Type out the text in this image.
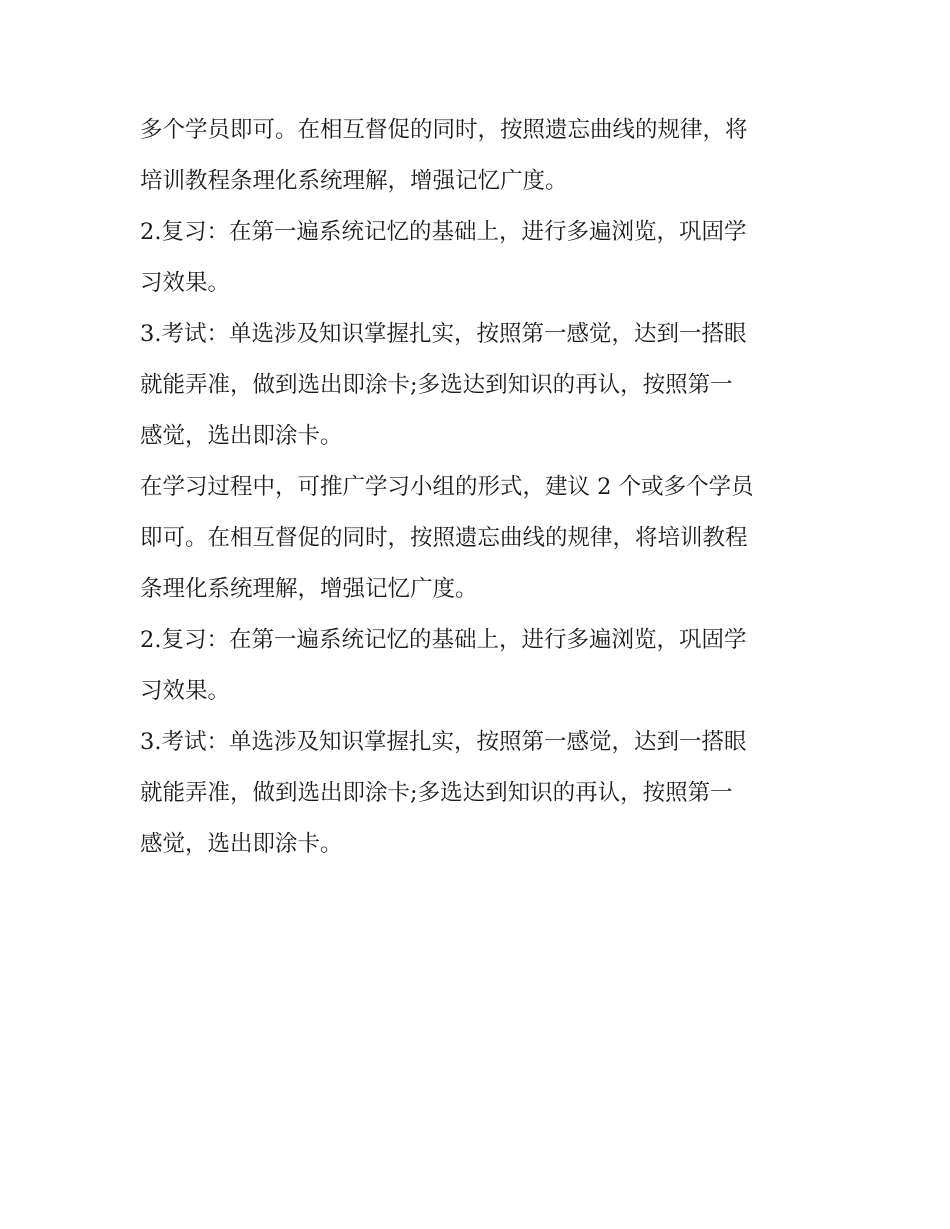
多个学员即可。在相互督促的同时，按照遗忘曲线的规律，将
培训教程条理化系统理解，增强记忆广度。
2.复习：在第一遍系统记忆的基础上，进行多遍浏览，巩固学
习效果。
3.考试：单选涉及知识掌握扎实，按照第一感觉，达到一搭眼
就能弄准，做到选出即涂卡;多选达到知识的再认，按照第一
感觉，选出即涂卡。
在学习过程中，可推广学习小组的形式，建议 2 个或多个学员
即可。在相互督促的同时，按照遗忘曲线的规律，将培训教程
条理化系统理解，增强记忆广度。
2.复习：在第一遍系统记忆的基础上，进行多遍浏览，巩固学
习效果。
3.考试：单选涉及知识掌握扎实，按照第一感觉，达到一搭眼
就能弄准，做到选出即涂卡;多选达到知识的再认，按照第一
感觉，选出即涂卡。
